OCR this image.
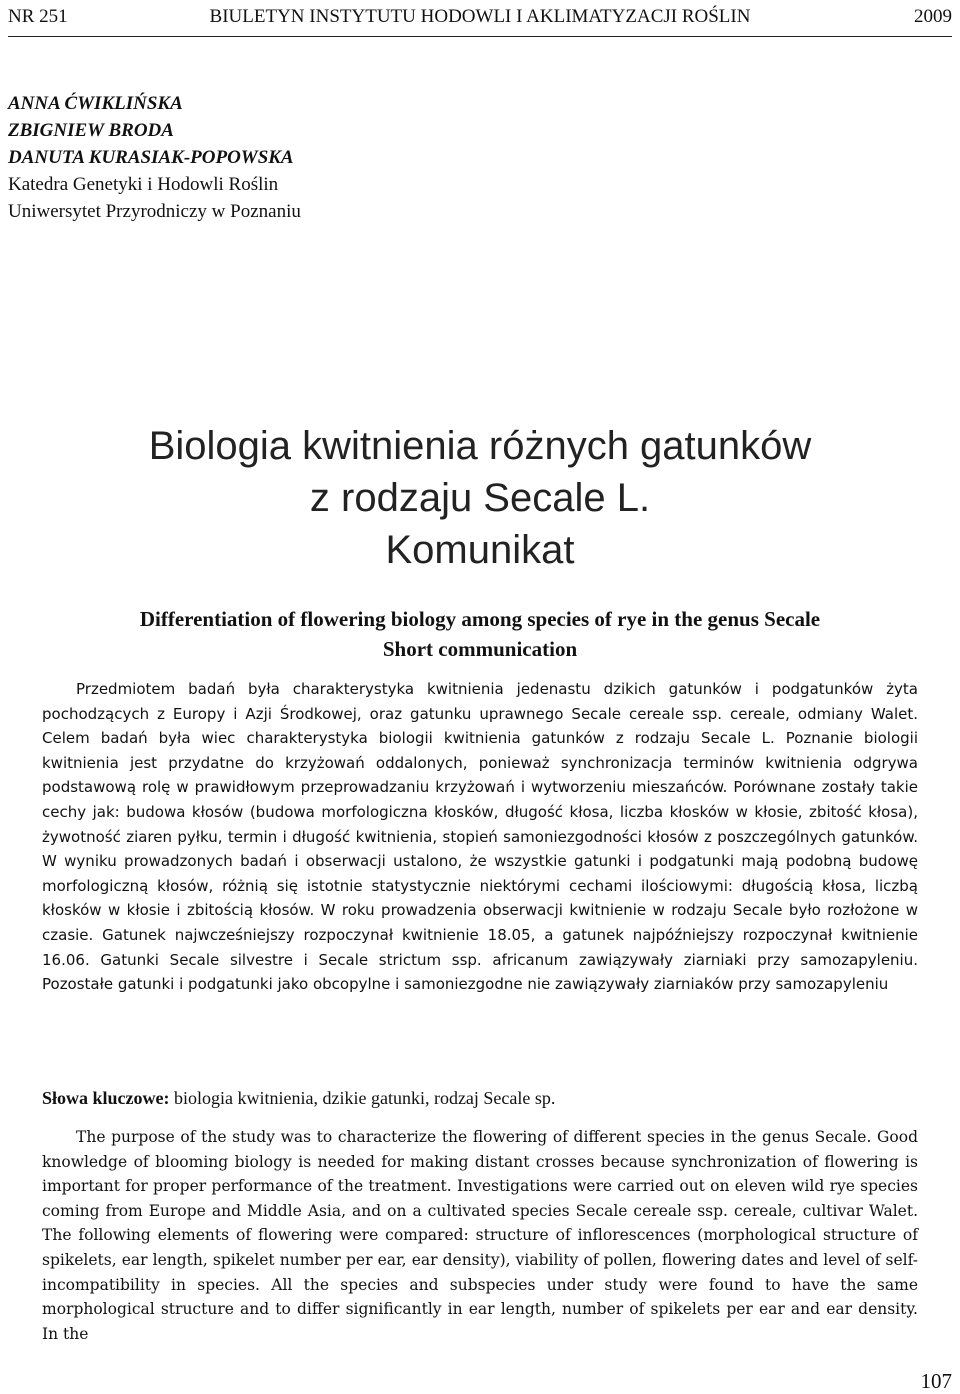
NR 251	BIULETYN INSTYTUTU HODOWLI I AKLIMATYZACJI ROŚLIN	2009
ANNA ĆWIKLIŃSKA
ZBIGNIEW BRODA
DANUTA KURASIAK-POPOWSKA
Katedra Genetyki i Hodowli Roślin
Uniwersytet Przyrodniczy w Poznaniu
Biologia kwitnienia różnych gatunków
z rodzaju Secale L.
Komunikat
Differentiation of flowering biology among species of rye in the genus Secale
Short communication
Przedmiotem badań była charakterystyka kwitnienia jedenastu dzikich gatunków i podgatunków żyta pochodzących z Europy i Azji Środkowej, oraz gatunku uprawnego Secale cereale ssp. cereale, odmiany Walet. Celem badań była wiec charakterystyka biologii kwitnienia gatunków z rodzaju Secale L. Poznanie biologii kwitnienia jest przydatne do krzyżowań oddalonych, ponieważ synchronizacja terminów kwitnienia odgrywa podstawową rolę w prawidłowym przeprowadzaniu krzyżowań i wytworzeniu mieszańców. Porównane zostały takie cechy jak: budowa kłosów (budowa morfologiczna kłosków, długość kłosa, liczba kłosków w kłosie, zbitość kłosa), żywotność ziaren pyłku, termin i długość kwitnienia, stopień samoniezgodności kłosów z poszczególnych gatunków. W wyniku prowadzonych badań i obserwacji ustalono, że wszystkie gatunki i podgatunki mają podobną budowę morfologiczną kłosów, różnią się istotnie statystycznie niektórymi cechami ilościowymi: długością kłosa, liczbą kłosków w kłosie i zbitością kłosów. W roku prowadzenia obserwacji kwitnienie w rodzaju Secale było rozłożone w czasie. Gatunek najwcześniejszy rozpoczynał kwitnienie 18.05, a gatunek najpóźniejszy rozpoczynał kwitnienie 16.06. Gatunki Secale silvestre i Secale strictum ssp. africanum zawiązywały ziarniaki przy samozapyleniu. Pozostałe gatunki i podgatunki jako obcopylne i samoniezgodne nie zawiązywały ziarniaków przy samozapyleniu
Słowa kluczowe: biologia kwitnienia, dzikie gatunki, rodzaj Secale sp.
The purpose of the study was to characterize the flowering of different species in the genus Secale. Good knowledge of blooming biology is needed for making distant crosses because synchronization of flowering is important for proper performance of the treatment. Investigations were carried out on eleven wild rye species coming from Europe and Middle Asia, and on a cultivated species Secale cereale ssp. cereale, cultivar Walet. The following elements of flowering were compared: structure of inflorescences (morphological structure of spikelets, ear length, spikelet number per ear, ear density), viability of pollen, flowering dates and level of self-incompatibility in species. All the species and subspecies under study were found to have the same morphological structure and to differ significantly in ear length, number of spikelets per ear and ear density. In the
107
